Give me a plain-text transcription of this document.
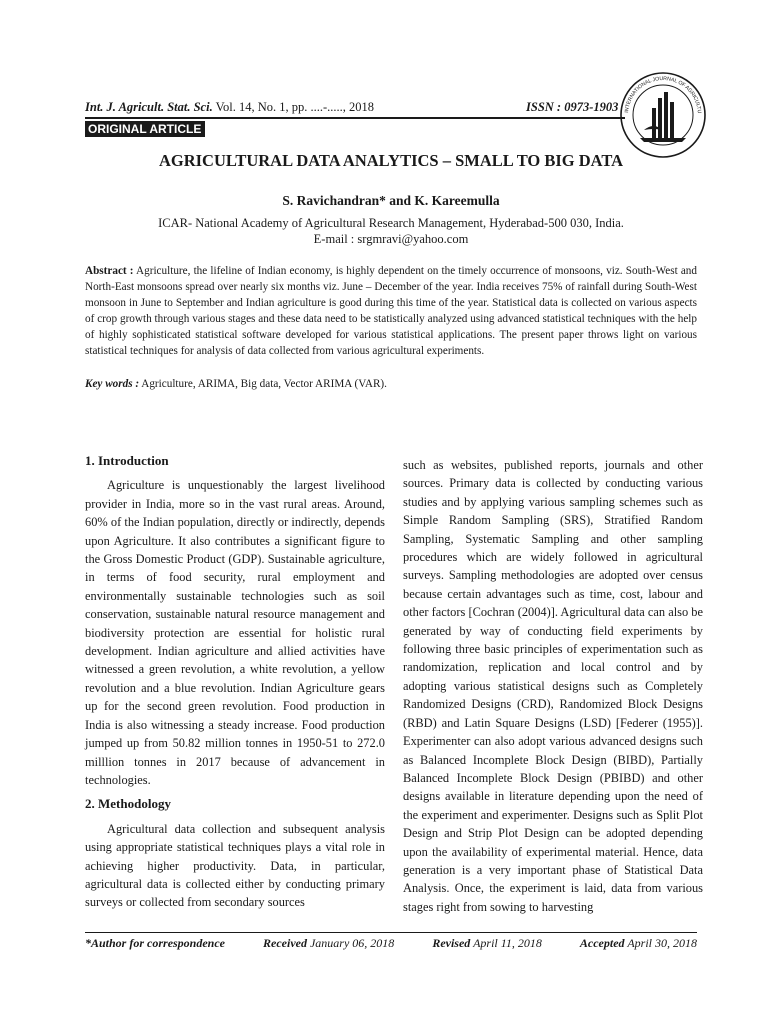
Int. J. Agricult. Stat. Sci. Vol. 14, No. 1, pp. ....-....., 2018	ISSN : 0973-1903
ORIGINAL ARTICLE
INTERNATIONAL JOURNAL OF AGRICULTU
AGRICULTURAL DATA ANALYTICS – SMALL TO BIG DATA
S. Ravichandran* and K. Kareemulla
ICAR- National Academy of Agricultural Research Management, Hyderabad-500 030, India.
E-mail : srgmravi@yahoo.com
Abstract : Agriculture, the lifeline of Indian economy, is highly dependent on the timely occurrence of monsoons, viz. South-West and North-East monsoons spread over nearly six months viz. June – December of the year. India receives 75% of rainfall during South-West monsoon in June to September and Indian agriculture is good during this time of the year. Statistical data is collected on various aspects of crop growth through various stages and these data need to be statistically analyzed using advanced statistical techniques with the help of highly sophisticated statistical software developed for various statistical applications. The present paper throws light on various statistical techniques for analysis of data collected from various agricultural experiments.
Key words : Agriculture, ARIMA, Big data, Vector ARIMA (VAR).
1. Introduction

Agriculture is unquestionably the largest livelihood provider in India, more so in the vast rural areas. Around, 60% of the Indian population, directly or indirectly, depends upon Agriculture. It also contributes a significant figure to the Gross Domestic Product (GDP). Sustainable agriculture, in terms of food security, rural employment and environmentally sustainable technologies such as soil conservation, sustainable natural resource management and biodiversity protection are essential for holistic rural development. Indian agriculture and allied activities have witnessed a green revolution, a white revolution, a yellow revolution and a blue revolution. Indian Agriculture gears up for the second green revolution. Food production in India is also witnessing a steady increase. Food production jumped up from 50.82 million tonnes in 1950-51 to 272.0 milllion tonnes in 2017 because of advancement in technologies.

2. Methodology

Agricultural data collection and subsequent analysis using appropriate statistical techniques plays a vital role in achieving higher productivity. Data, in particular, agricultural data is collected either by conducting primary surveys or collected from secondary sources

such as websites, published reports, journals and other sources. Primary data is collected by conducting various studies and by applying various sampling schemes such as Simple Random Sampling (SRS), Stratified Random Sampling, Systematic Sampling and other sampling procedures which are widely followed in agricultural surveys. Sampling methodologies are adopted over census because certain advantages such as time, cost, labour and other factors [Cochran (2004)]. Agricultural data can also be generated by way of conducting field experiments by following three basic principles of experimentation such as randomization, replication and local control and by adopting various statistical designs such as Completely Randomized Designs (CRD), Randomized Block Designs (RBD) and Latin Square Designs (LSD) [Federer (1955)]. Experimenter can also adopt various advanced designs such as Balanced Incomplete Block Design (BIBD), Partially Balanced Incomplete Block Design (PBIBD) and other designs available in literature depending upon the need of the experiment and experimenter. Designs such as Split Plot Design and Strip Plot Design can be adopted depending upon the availability of experimental material. Hence, data generation is a very important phase of Statistical Data Analysis. Once, the experiment is laid, data from various stages right from sowing to harvesting

*Author for correspondence	Received January 06, 2018	Revised April 11, 2018	Accepted April 30, 2018
